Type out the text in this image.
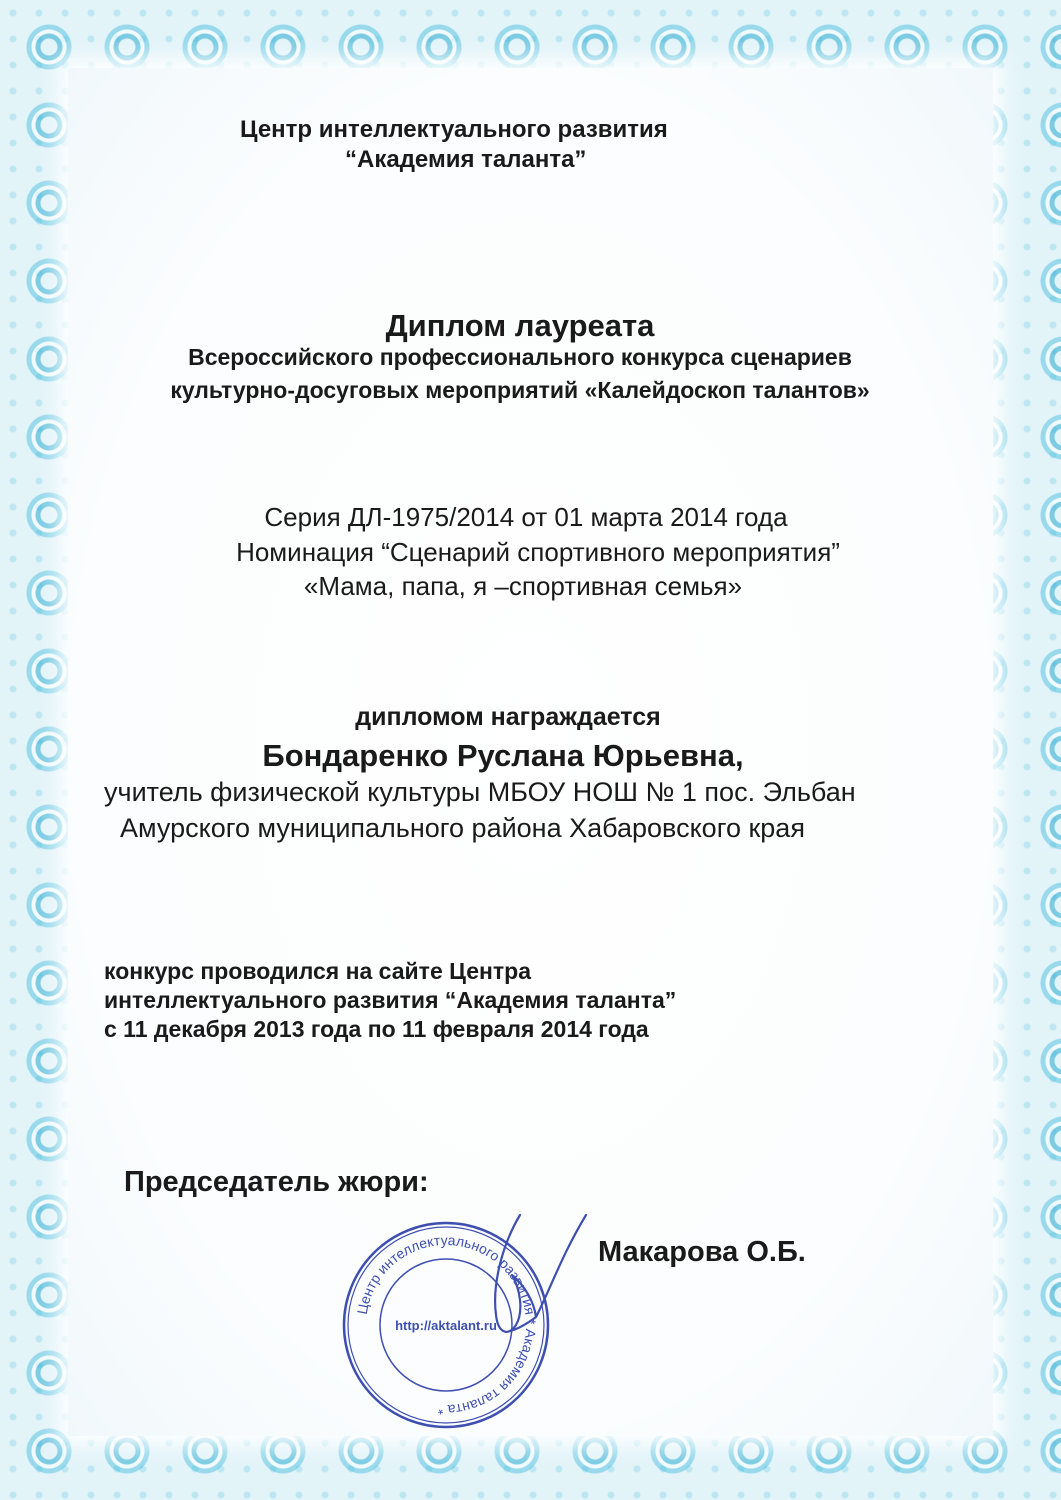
Центр интеллектуального развития

“Академия таланта”

Диплом лауреата

Всероссийского профессионального конкурса сценариев

культурно-досуговых мероприятий «Калейдоскоп талантов»

Серия ДЛ-1975/2014 от 01 марта 2014 года

Номинация “Сценарий спортивного мероприятия”

«Мама, папа, я –спортивная семья»

дипломом награждается

Бондаренко Руслана Юрьевна,

учитель физической культуры МБОУ НОШ № 1 пос. Эльбан

Амурского муниципального района Хабаровского края

конкурс проводился на сайте Центра

интеллектуального развития “Академия таланта”

с 11 декабря 2013 года по 11 февраля 2014 года

Председатель жюри:

Макарова О.Б.

Центр интеллектуального развития * Академия таланта *
http://aktalant.ru
